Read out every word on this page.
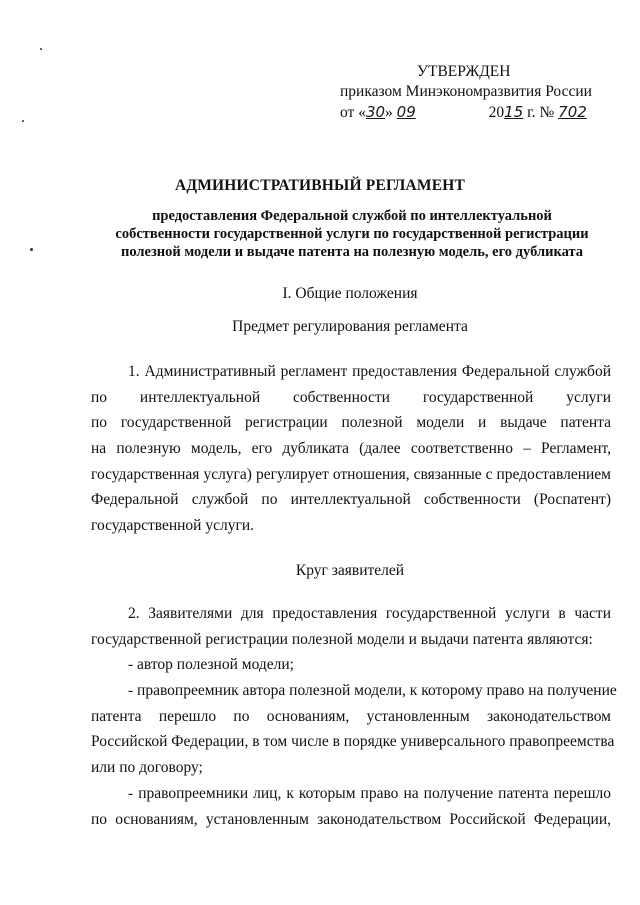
УТВЕРЖДЕН
приказом Минэкономразвития России
от «30» 09	2015 г. № 702
АДМИНИСТРАТИВНЫЙ РЕГЛАМЕНТ
предоставления Федеральной службой по интеллектуальной
собственности государственной услуги по государственной регистрации
полезной модели и выдаче патента на полезную модель, его дубликата
I. Общие положения
Предмет регулирования регламента
1. Административный регламент предоставления Федеральной службой
по интеллектуальной собственности государственной услуги
по государственной регистрации полезной модели и выдаче патента
на полезную модель, его дубликата (далее соответственно – Регламент,
государственная услуга) регулирует отношения, связанные с предоставлением
Федеральной службой по интеллектуальной собственности (Роспатент)
государственной услуги.
Круг заявителей
2. Заявителями для предоставления государственной услуги в части
государственной регистрации полезной модели и выдачи патента являются:
- автор полезной модели;
- правопреемник автора полезной модели, к которому право на получение
патента перешло по основаниям, установленным законодательством
Российской Федерации, в том числе в порядке универсального правопреемства
или по договору;
- правопреемники лиц, к которым право на получение патента перешло
по основаниям, установленным законодательством Российской Федерации,
